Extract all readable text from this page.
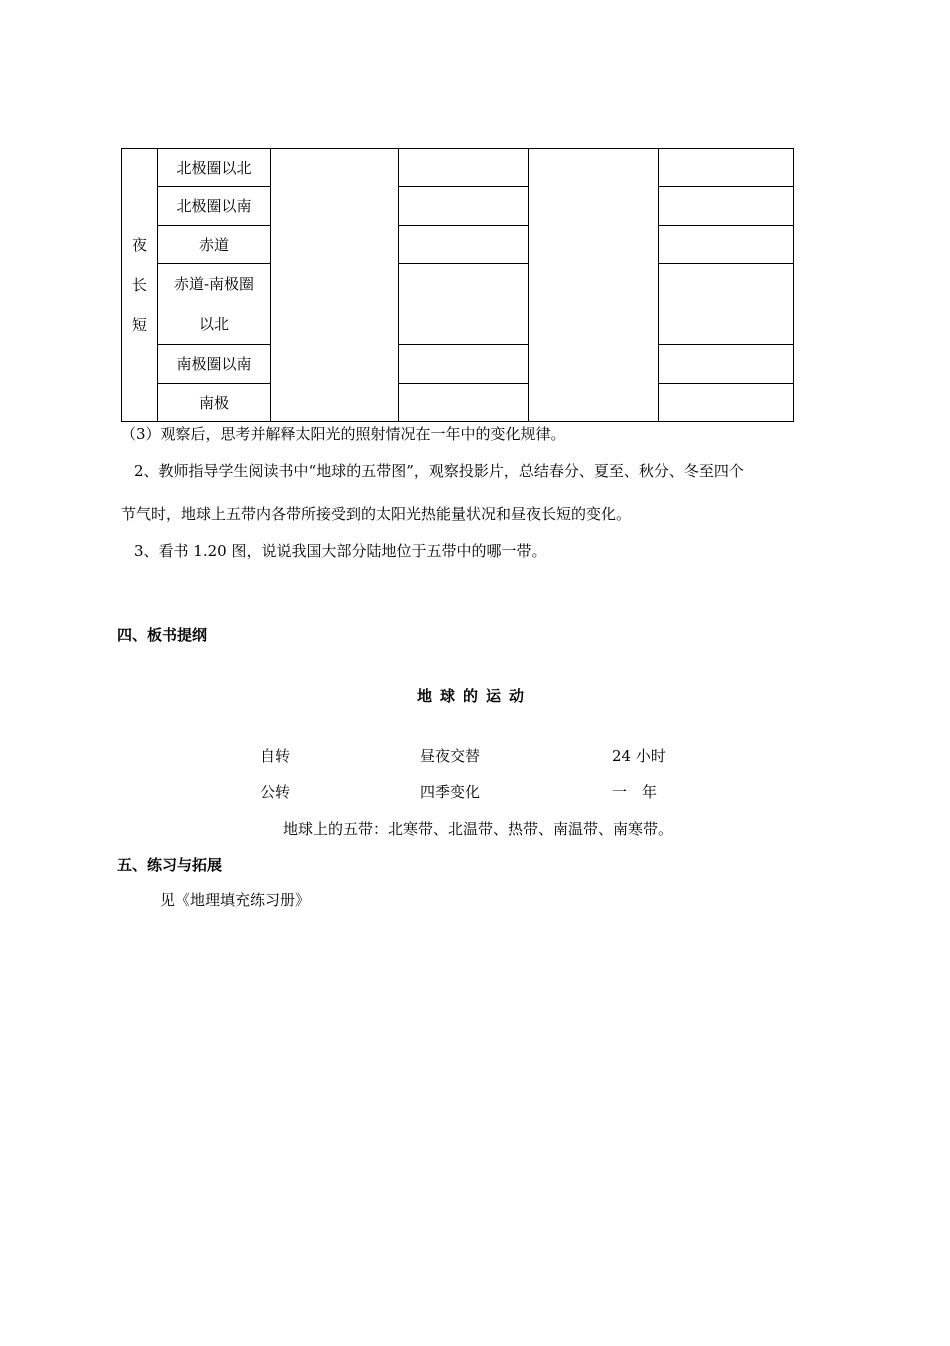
夜长短	北极圈以北				
	北极圈以南				
	赤道				

	赤道-南极圈
以北				

	南极圈以南				
	南极				
（3）观察后，思考并解释太阳光的照射情况在一年中的变化规律。
2、教师指导学生阅读书中“地球的五带图”，观察投影片，总结春分、夏至、秋分、冬至四个
节气时，地球上五带内各带所接受到的太阳光热能量状况和昼夜长短的变化。
3、看书 1.20 图，说说我国大部分陆地位于五带中的哪一带。
四、板书提纲
地球的运动
自转	昼夜交替	24 小时
公转	四季变化	一　年
地球上的五带：北寒带、北温带、热带、南温带、南寒带。
五、练习与拓展
见《地理填充练习册》
